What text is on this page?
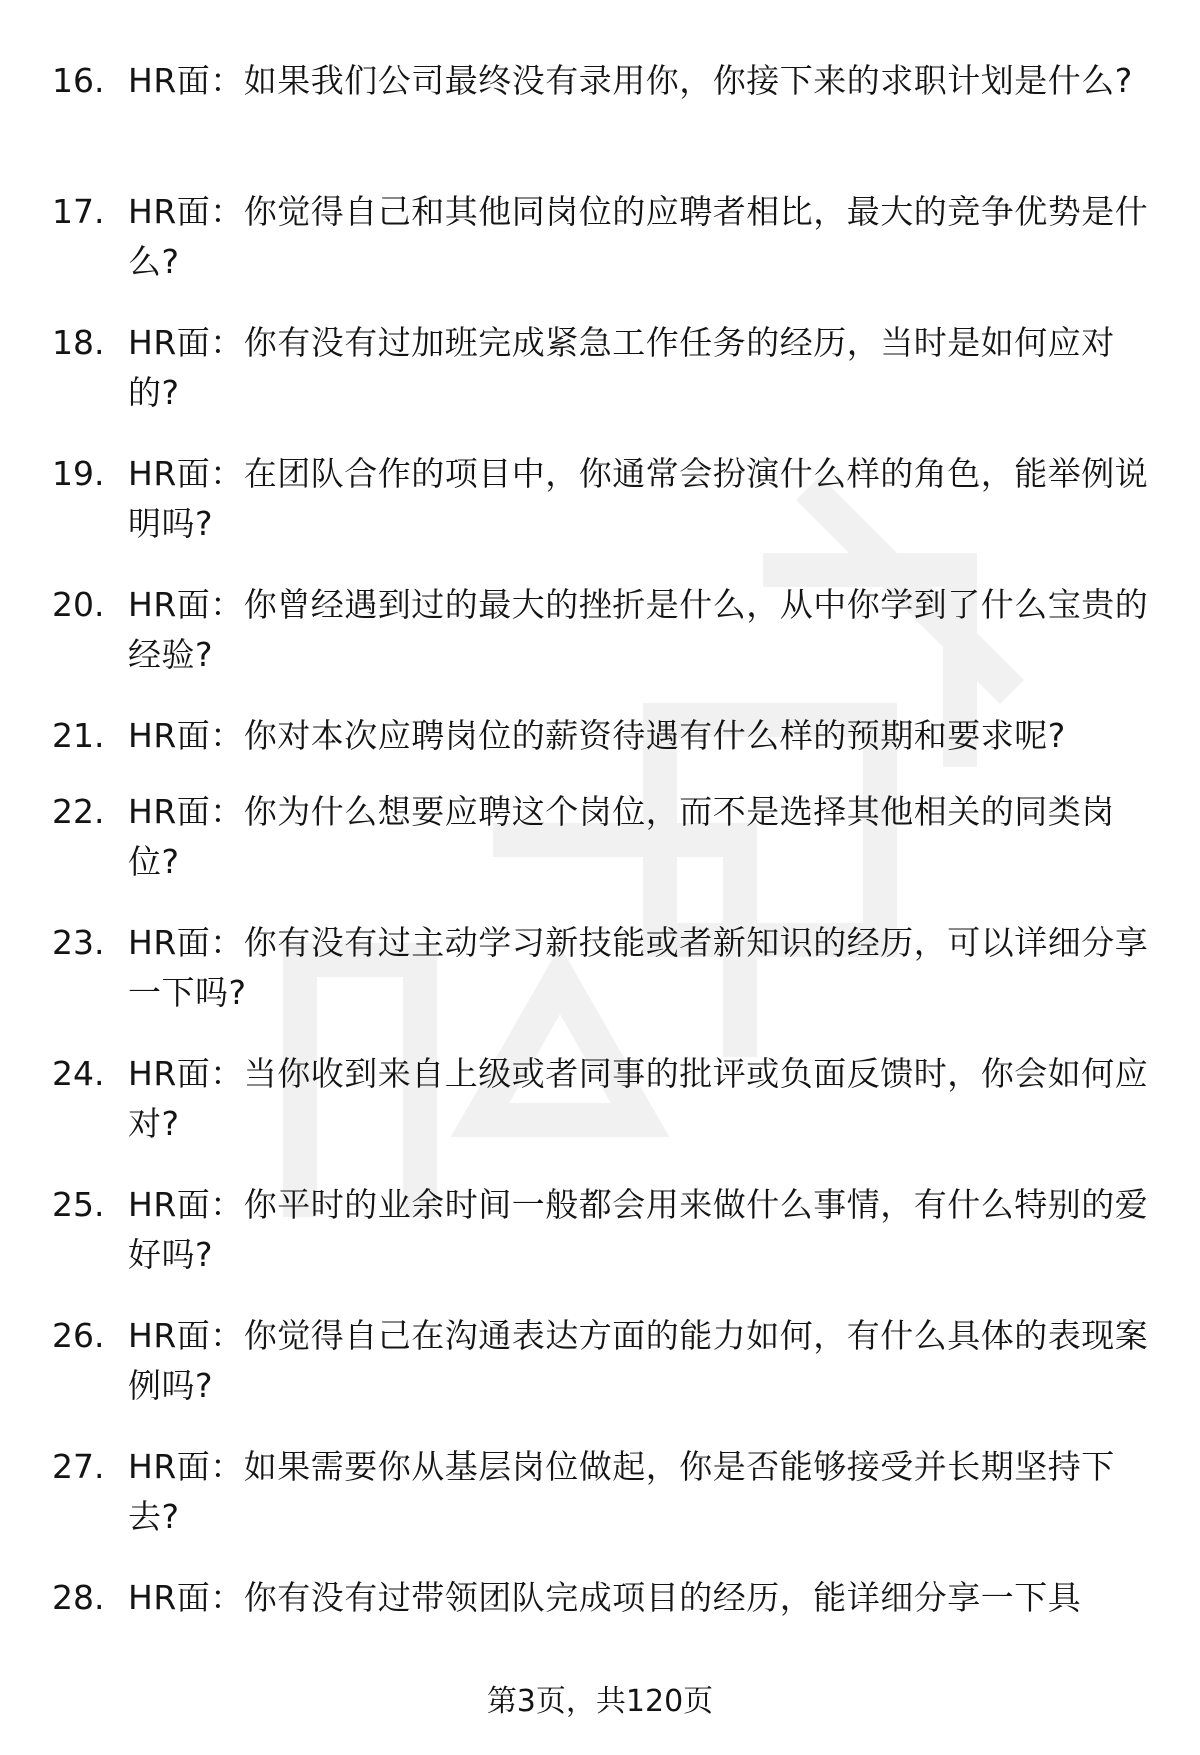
16. HR面：如果我们公司最终没有录用你，你接下来的求职计划是什么?
17. HR面：你觉得自己和其他同岗位的应聘者相比，最大的竞争优势是什么?
18. HR面：你有没有过加班完成紧急工作任务的经历，当时是如何应对的?
19. HR面：在团队合作的项目中，你通常会扮演什么样的角色，能举例说明吗?
20. HR面：你曾经遇到过的最大的挫折是什么，从中你学到了什么宝贵的经验?
21. HR面：你对本次应聘岗位的薪资待遇有什么样的预期和要求呢?
22. HR面：你为什么想要应聘这个岗位，而不是选择其他相关的同类岗位?
23. HR面：你有没有过主动学习新技能或者新知识的经历，可以详细分享一下吗?
24. HR面：当你收到来自上级或者同事的批评或负面反馈时，你会如何应对?
25. HR面：你平时的业余时间一般都会用来做什么事情，有什么特别的爱好吗?
26. HR面：你觉得自己在沟通表达方面的能力如何，有什么具体的表现案例吗?
27. HR面：如果需要你从基层岗位做起，你是否能够接受并长期坚持下去?
28. HR面：你有没有过带领团队完成项目的经历，能详细分享一下具
第3页，共120页
